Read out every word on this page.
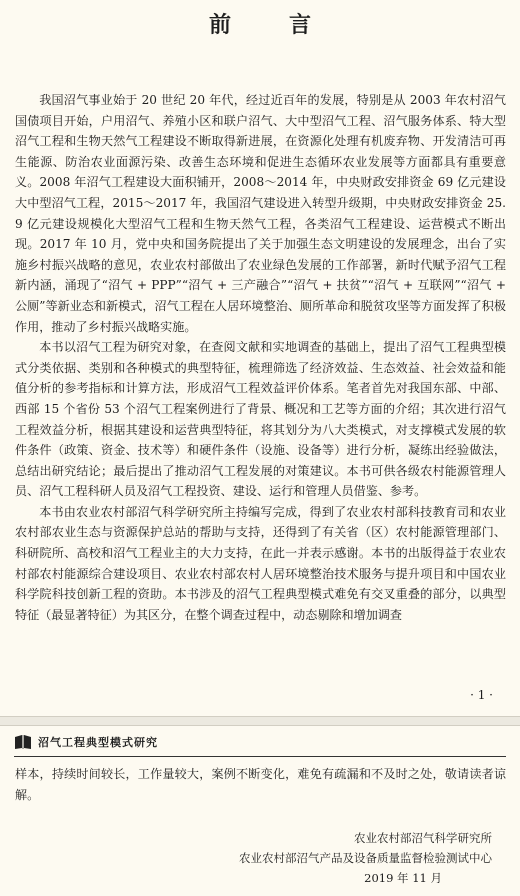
前　言

我国沼气事业始于 20 世纪 20 年代，经过近百年的发展，特别是从 2003 年农村沼气国债项目开始，户用沼气、养殖小区和联户沼气、大中型沼气工程、沼气服务体系、特大型沼气工程和生物天然气工程建设不断取得新进展，在资源化处理有机废弃物、开发清洁可再生能源、防治农业面源污染、改善生态环境和促进生态循环农业发展等方面都具有重要意义。2008 年沼气工程建设大面积铺开，2008～2014 年，中央财政安排资金 69 亿元建设大中型沼气工程，2015～2017 年，我国沼气建设进入转型升级期，中央财政安排资金 25. 9 亿元建设规模化大型沼气工程和生物天然气工程，各类沼气工程建设、运营模式不断出现。2017 年 10 月，党中央和国务院提出了关于加强生态文明建设的发展理念，出台了实施乡村振兴战略的意见，农业农村部做出了农业绿色发展的工作部署，新时代赋予沼气工程新内涵，涌现了“沼气 + PPP”“沼气 + 三产融合”“沼气 + 扶贫”“沼气 + 互联网”“沼气 + 公厕”等新业态和新模式，沼气工程在人居环境整治、厕所革命和脱贫攻坚等方面发挥了积极作用，推动了乡村振兴战略实施。

本书以沼气工程为研究对象，在查阅文献和实地调查的基础上，提出了沼气工程典型模式分类依据、类别和各种模式的典型特征，梳理筛选了经济效益、生态效益、社会效益和能值分析的参考指标和计算方法，形成沼气工程效益评价体系。笔者首先对我国东部、中部、西部 15 个省份 53 个沼气工程案例进行了背景、概况和工艺等方面的介绍；其次进行沼气工程效益分析，根据其建设和运营典型特征，将其划分为八大类模式，对支撑模式发展的软件条件（政策、资金、技术等）和硬件条件（设施、设备等）进行分析，凝练出经验做法，总结出研究结论；最后提出了推动沼气工程发展的对策建议。本书可供各级农村能源管理人员、沼气工程科研人员及沼气工程投资、建设、运行和管理人员借鉴、参考。

本书由农业农村部沼气科学研究所主持编写完成，得到了农业农村部科技教育司和农业农村部农业生态与资源保护总站的帮助与支持，还得到了有关省（区）农村能源管理部门、科研院所、高校和沼气工程业主的大力支持，在此一并表示感谢。本书的出版得益于农业农村部农村能源综合建设项目、农业农村部农村人居环境整治技术服务与提升项目和中国农业科学院科技创新工程的资助。本书涉及的沼气工程典型模式难免有交叉重叠的部分，以典型特征（最显著特征）为其区分，在整个调查过程中，动态剔除和增加调查

· 1 ·
沼气工程典型模式研究

样本，持续时间较长，工作量较大，案例不断变化，难免有疏漏和不及时之处，敬请读者谅解。

农业农村部沼气科学研究所
农业农村部沼气产品及设备质量监督检验测试中心
2019 年 11 月
